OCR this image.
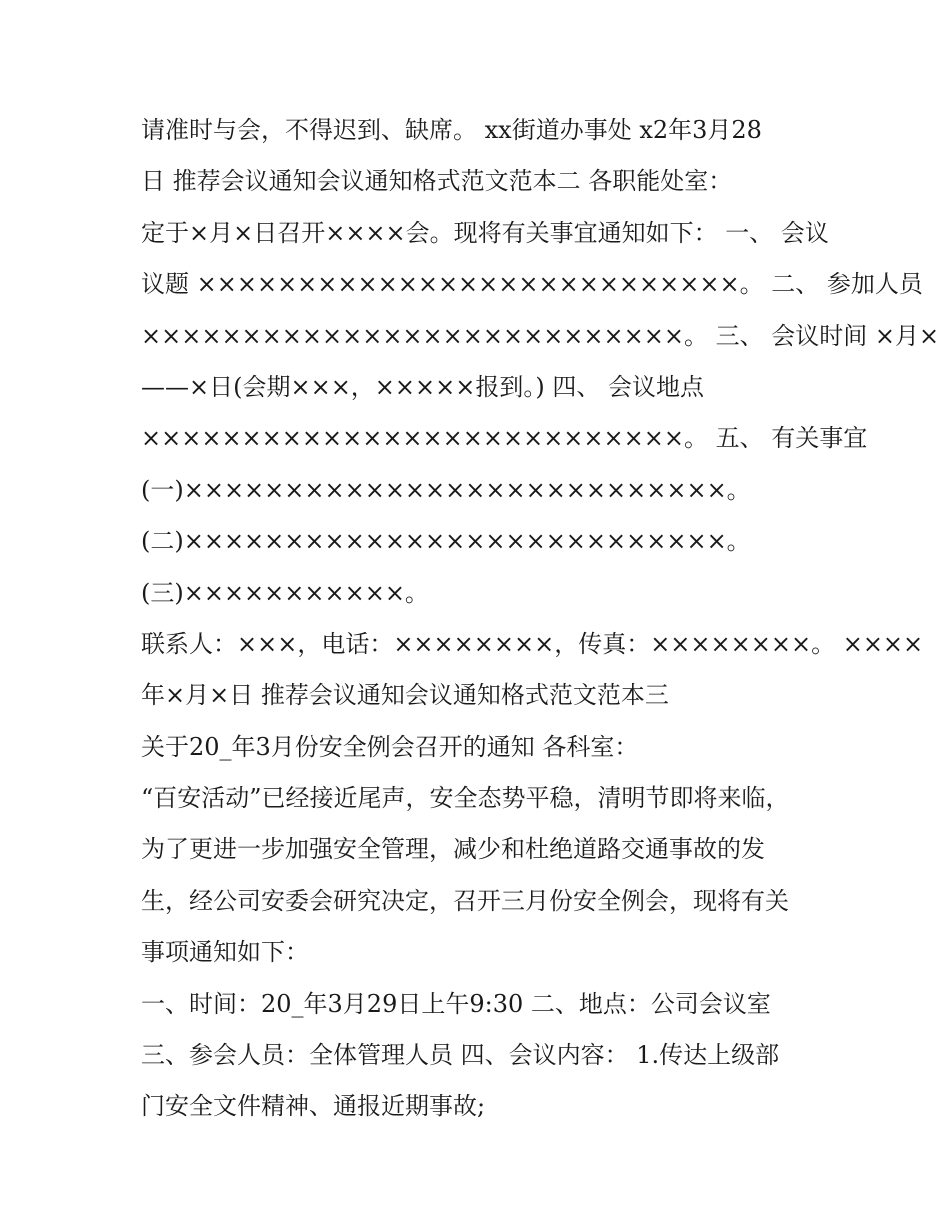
请准时与会，不得迟到、缺席。 xx街道办事处 x2年3月28
日 推荐会议通知会议通知格式范文范本二 各职能处室：
定于×月×日召开××××会。现将有关事宜通知如下： 一、 会议
议题 ×××××××××××××××××××××××××××。 二、 参加人员
×××××××××××××××××××××××××××。 三、 会议时间 ×月×
——×日(会期×××，×××××报到。) 四、 会议地点
×××××××××××××××××××××××××××。 五、 有关事宜
(一)×××××××××××××××××××××××××××。
(二)×××××××××××××××××××××××××××。
(三)×××××××××××。
联系人：×××，电话：××××××××，传真：××××××××。 ××××
年×月×日 推荐会议通知会议通知格式范文范本三
关于20_年3月份安全例会召开的通知 各科室：
“百安活动”已经接近尾声，安全态势平稳，清明节即将来临，
为了更进一步加强安全管理，减少和杜绝道路交通事故的发
生，经公司安委会研究决定，召开三月份安全例会，现将有关
事项通知如下：
一、时间：20_年3月29日上午9:30 二、地点：公司会议室
三、参会人员：全体管理人员 四、会议内容： 1.传达上级部
门安全文件精神、通报近期事故;
